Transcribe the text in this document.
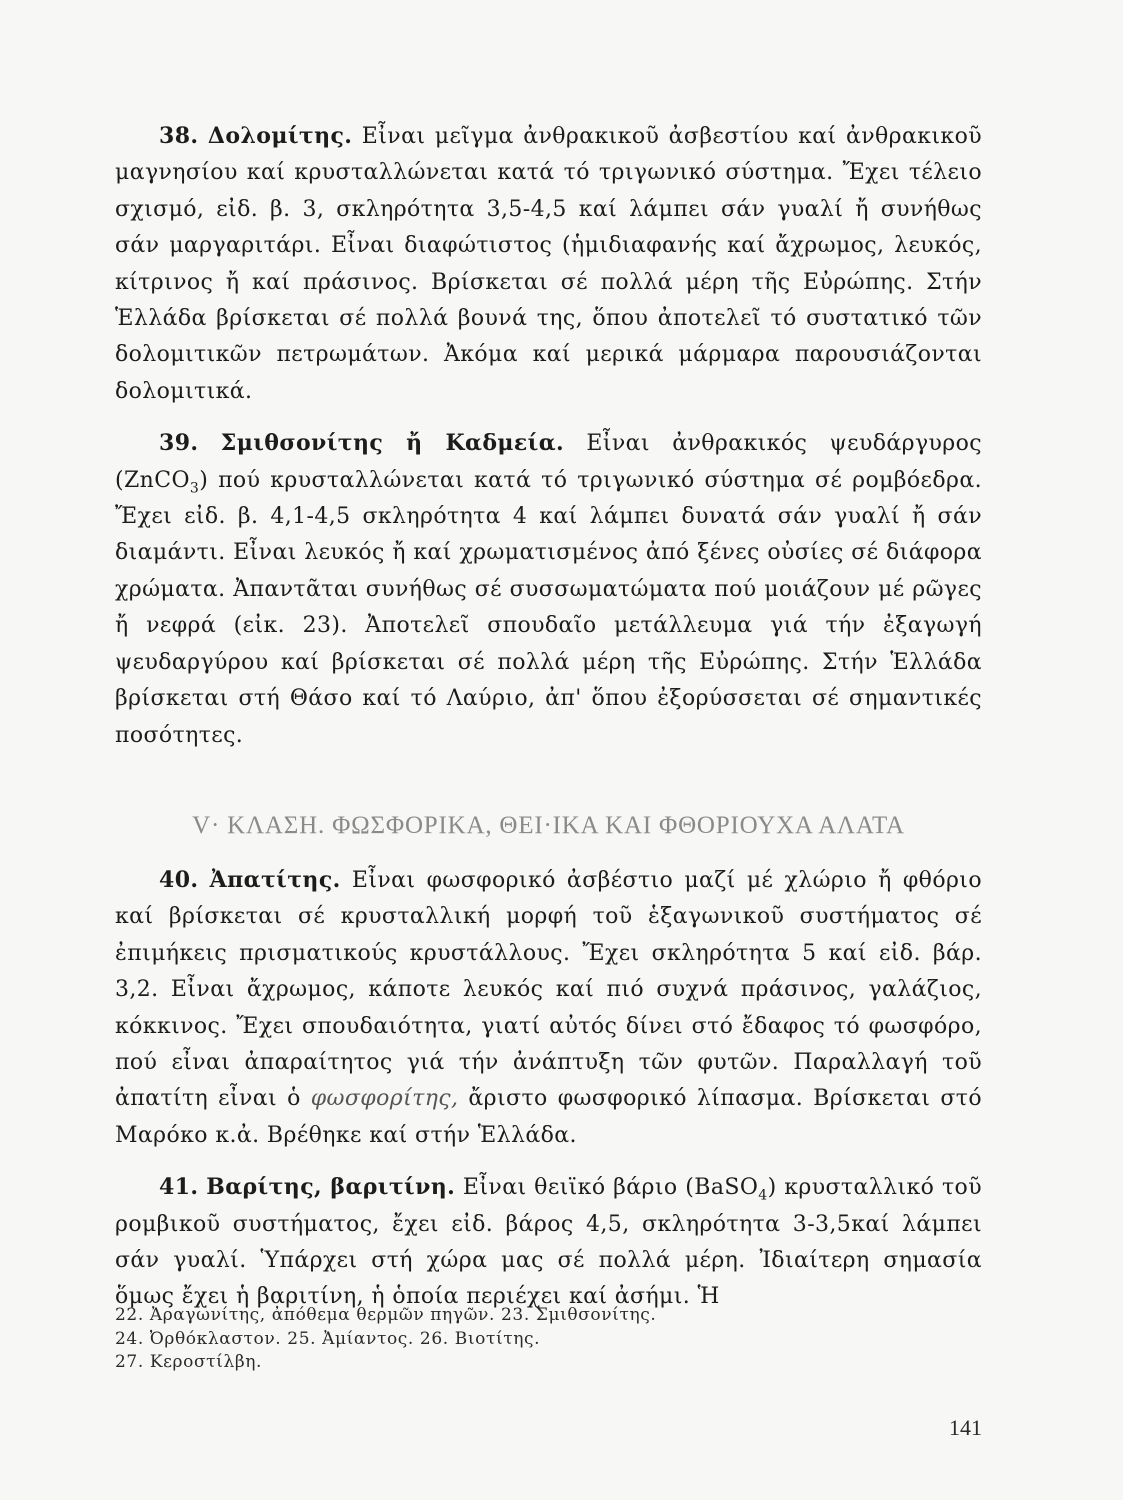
38. Δολομίτης. Εἶναι μεῖγμα ἀνθρακικοῦ ἀσβεστίου καί ἀνθρακικοῦ μαγνησίου καί κρυσταλλώνεται κατά τό τριγωνικό σύστημα. Ἔχει τέλειο σχισμό, εἰδ. β. 3, σκληρότητα 3,5-4,5 καί λάμπει σάν γυαλί ἤ συνήθως σάν μαργαριτάρι. Εἶναι διαφώτιστος (ἡμιδιαφανής καί ἄχρωμος, λευκός, κίτρινος ἤ καί πράσινος. Βρίσκεται σέ πολλά μέρη τῆς Εὐρώπης. Στήν Ἑλλάδα βρίσκεται σέ πολλά βουνά της, ὅπου ἀποτελεῖ τό συστατικό τῶν δολομιτικῶν πετρωμάτων. Ἀκόμα καί μερικά μάρμαρα παρουσιάζονται δολομιτικά.

39. Σμιθσονίτης ἤ Καδμεία. Εἶναι ἀνθρακικός ψευδάργυρος (ZnCO$_3$) πού κρυσταλλώνεται κατά τό τριγωνικό σύστημα σέ ρομβόεδρα. Ἔχει εἰδ. β. 4,1-4,5 σκληρότητα 4 καί λάμπει δυνατά σάν γυαλί ἤ σάν διαμάντι. Εἶναι λευκός ἤ καί χρωματισμένος ἀπό ξένες οὐσίες σέ διάφορα χρώματα. Ἀπαντᾶται συνήθως σέ συσσωματώματα πού μοιάζουν μέ ρῶγες ἤ νεφρά (εἰκ. 23). Ἀποτελεῖ σπουδαῖο μετάλλευμα γιά τήν ἐξαγωγή ψευδαργύρου καί βρίσκεται σέ πολλά μέρη τῆς Εὐρώπης. Στήν Ἑλλάδα βρίσκεται στή Θάσο καί τό Λαύριο, ἀπ' ὅπου ἐξορύσσεται σέ σημαντικές ποσότητες.

V· ΚΛΑΣΗ. ΦΩΣΦΟΡΙΚΑ, ΘΕΙ·ΙΚΑ ΚΑΙ ΦΘΟΡΙΟΥΧΑ ΑΛΑΤΑ

40. Ἀπατίτης. Εἶναι φωσφορικό ἀσβέστιο μαζί μέ χλώριο ἤ φθόριο καί βρίσκεται σέ κρυσταλλική μορφή τοῦ ἑξαγωνικοῦ συστήματος σέ ἐπιμήκεις πρισματικούς κρυστάλλους. Ἔχει σκληρότητα 5 καί εἰδ. βάρ. 3,2. Εἶναι ἄχρωμος, κάποτε λευκός καί πιό συχνά πράσινος, γαλάζιος, κόκκινος. Ἔχει σπουδαιότητα, γιατί αὐτός δίνει στό ἔδαφος τό φωσφόρο, πού εἶναι ἀπαραίτητος γιά τήν ἀνάπτυξη τῶν φυτῶν. Παραλλαγή τοῦ ἀπατίτη εἶναι ὁ φωσφορίτης, ἄριστο φωσφορικό λίπασμα. Βρίσκεται στό Μαρόκο κ.ἀ. Βρέθηκε καί στήν Ἑλλάδα.

41. Βαρίτης, βαριτίνη. Εἶναι θειϊκό βάριο (BaSO$_4$) κρυσταλλικό τοῦ ρομβικοῦ συστήματος, ἔχει εἰδ. βάρος 4,5, σκληρότητα 3-3,5καί λάμπει σάν γυαλί. Ὑπάρχει στή χώρα μας σέ πολλά μέρη. Ἰδιαίτερη σημασία ὅμως ἔχει ἡ βαριτίνη, ἡ ὁποία περιέχει καί ἀσήμι. Ἡ

22. Ἀραγωνίτης, ἀπόθεμα θερμῶν πηγῶν. 23. Σμιθσονίτης.
24. Ὀρθόκλαστον. 25. Ἀμίαντος. 26. Βιοτίτης.
27. Κεροστίλβη.
141
